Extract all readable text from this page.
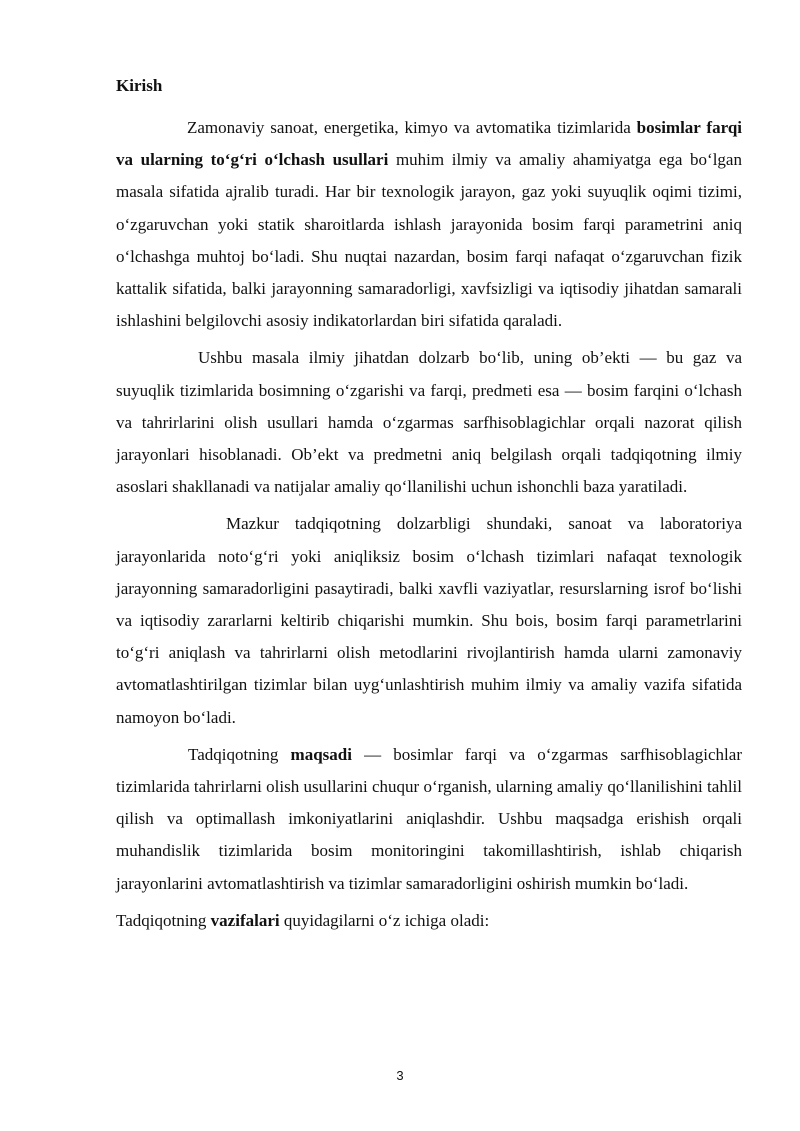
Kirish

Zamonaviy sanoat, energetika, kimyo va avtomatika tizimlarida bosimlar farqi va ularning to‘g‘ri o‘lchash usullari muhim ilmiy va amaliy ahamiyatga ega bo‘lgan masala sifatida ajralib turadi. Har bir texnologik jarayon, gaz yoki suyuqlik oqimi tizimi, o‘zgaruvchan yoki statik sharoitlarda ishlash jarayonida bosim farqi parametrini aniq o‘lchashga muhtoj bo‘ladi. Shu nuqtai nazardan, bosim farqi nafaqat o‘zgaruvchan fizik kattalik sifatida, balki jarayonning samaradorligi, xavfsizligi va iqtisodiy jihatdan samarali ishlashini belgilovchi asosiy indikatorlardan biri sifatida qaraladi.

Ushbu masala ilmiy jihatdan dolzarb bo‘lib, uning ob’ekti — bu gaz va suyuqlik tizimlarida bosimning o‘zgarishi va farqi, predmeti esa — bosim farqini o‘lchash va tahrirlarini olish usullari hamda o‘zgarmas sarfhisoblagichlar orqali nazorat qilish jarayonlari hisoblanadi. Ob’ekt va predmetni aniq belgilash orqali tadqiqotning ilmiy asoslari shakllanadi va natijalar amaliy qo‘llanilishi uchun ishonchli baza yaratiladi.

Mazkur tadqiqotning dolzarbligi shundaki, sanoat va laboratoriya jarayonlarida noto‘g‘ri yoki aniqliksiz bosim o‘lchash tizimlari nafaqat texnologik jarayonning samaradorligini pasaytiradi, balki xavfli vaziyatlar, resurslarning isrof bo‘lishi va iqtisodiy zararlarni keltirib chiqarishi mumkin. Shu bois, bosim farqi parametrlarini to‘g‘ri aniqlash va tahrirlarni olish metodlarini rivojlantirish hamda ularni zamonaviy avtomatlashtirilgan tizimlar bilan uyg‘unlashtirish muhim ilmiy va amaliy vazifa sifatida namoyon bo‘ladi.

Tadqiqotning maqsadi — bosimlar farqi va o‘zgarmas sarfhisoblagichlar tizimlarida tahrirlarni olish usullarini chuqur o‘rganish, ularning amaliy qo‘llanilishini tahlil qilish va optimallash imkoniyatlarini aniqlashdir. Ushbu maqsadga erishish orqali muhandislik tizimlarida bosim monitoringini takomillashtirish, ishlab chiqarish jarayonlarini avtomatlashtirish va tizimlar samaradorligini oshirish mumkin bo‘ladi.

Tadqiqotning vazifalari quyidagilarni o‘z ichiga oladi:

3
